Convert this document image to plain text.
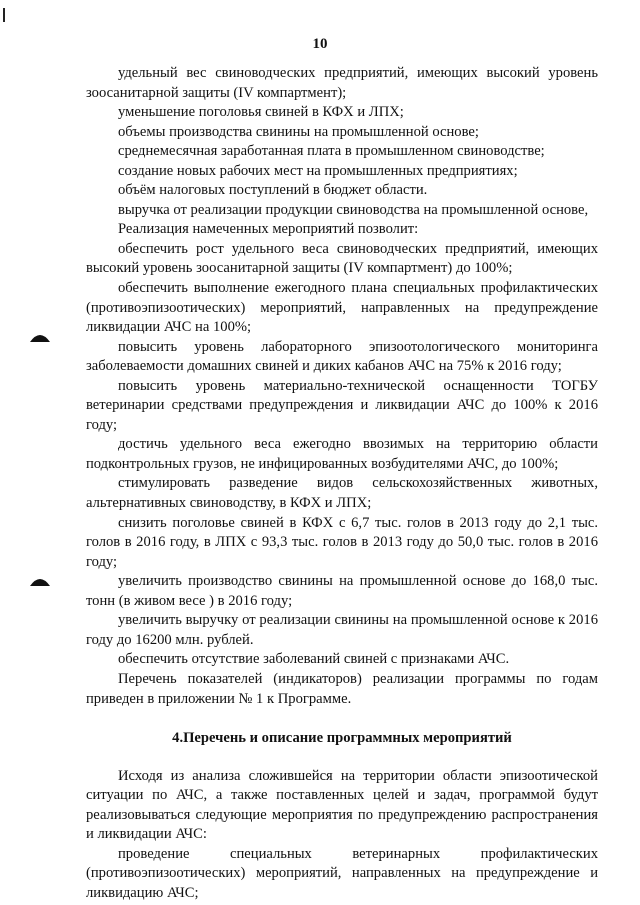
10

удельный вес свиноводческих предприятий, имеющих высокий уровень зоосанитарной защиты (IV компартмент);

уменьшение поголовья свиней в КФХ и ЛПХ;

объемы производства свинины на промышленной основе;

среднемесячная заработанная плата в промышленном свиноводстве;

создание новых рабочих мест на промышленных предприятиях;

объём налоговых поступлений в бюджет области.

выручка от реализации продукции свиноводства на промышленной основе,

Реализация намеченных мероприятий позволит:

обеспечить рост удельного веса свиноводческих предприятий, имеющих высокий уровень зоосанитарной защиты (IV компартмент) до 100%;

обеспечить выполнение ежегодного плана специальных профилактических (противоэпизоотических) мероприятий, направленных на предупреждение ликвидации АЧС на 100%;

повысить уровень лабораторного эпизоотологического мониторинга заболеваемости домашних свиней и диких кабанов АЧС на 75% к 2016 году;

повысить уровень материально-технической оснащенности ТОГБУ ветеринарии средствами предупреждения и ликвидации АЧС до 100% к 2016 году;

достичь удельного веса ежегодно ввозимых на территорию области подконтрольных грузов, не инфицированных возбудителями АЧС, до 100%;

стимулировать разведение видов сельскохозяйственных животных, альтернативных свиноводству, в КФХ и ЛПХ;

снизить поголовье свиней в КФХ с 6,7 тыс. голов в 2013 году до 2,1 тыс. голов в 2016 году, в ЛПХ с 93,3 тыс. голов в 2013 году до 50,0 тыс. голов в 2016 году;

увеличить производство свинины на промышленной основе до 168,0 тыс. тонн (в живом весе ) в 2016 году;

увеличить выручку от реализации свинины на промышленной основе к 2016 году до 16200 млн. рублей.

обеспечить отсутствие заболеваний свиней с признаками АЧС.

Перечень показателей (индикаторов) реализации программы по годам приведен в приложении № 1 к Программе.

4.Перечень и описание программных мероприятий

Исходя из анализа сложившейся на территории области эпизоотической ситуации по АЧС, а также поставленных целей и задач, программой будут реализовываться следующие мероприятия по предупреждению распространения и ликвидации АЧС:

проведение специальных ветеринарных профилактических (противоэпизоотических) мероприятий, направленных на предупреждение и ликвидацию АЧС;
